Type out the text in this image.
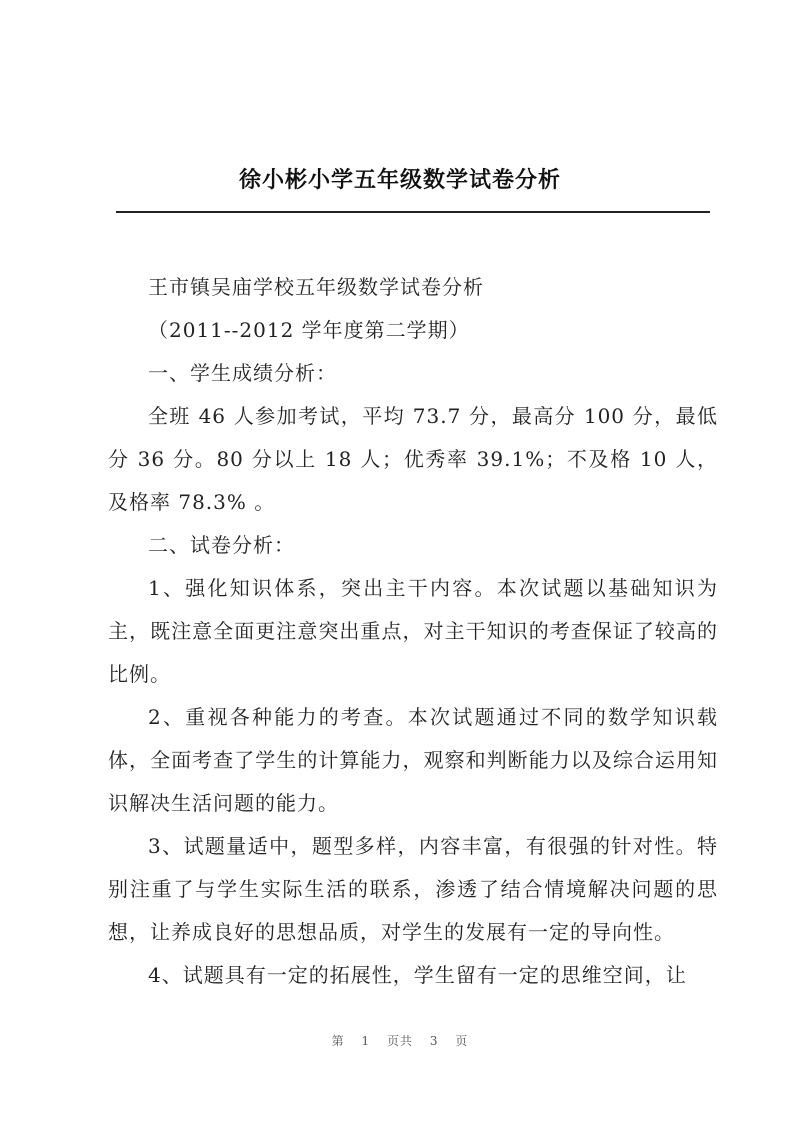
徐小彬小学五年级数学试卷分析

王市镇吴庙学校五年级数学试卷分析

（2011--2012 学年度第二学期）

一、学生成绩分析：

全班 46 人参加考试，平均 73.7 分，最高分 100 分，最低分 36 分。80 分以上 18 人；优秀率 39.1%；不及格 10 人，及格率 78.3% 。

二、试卷分析：

1、强化知识体系，突出主干内容。本次试题以基础知识为主，既注意全面更注意突出重点，对主干知识的考查保证了较高的比例。

2、重视各种能力的考查。本次试题通过不同的数学知识载体，全面考查了学生的计算能力，观察和判断能力以及综合运用知识解决生活问题的能力。

3、试题量适中，题型多样，内容丰富，有很强的针对性。特别注重了与学生实际生活的联系，渗透了结合情境解决问题的思想，让养成良好的思想品质，对学生的发展有一定的导向性。

4、试题具有一定的拓展性，学生留有一定的思维空间，让

第 1 页共 3 页
